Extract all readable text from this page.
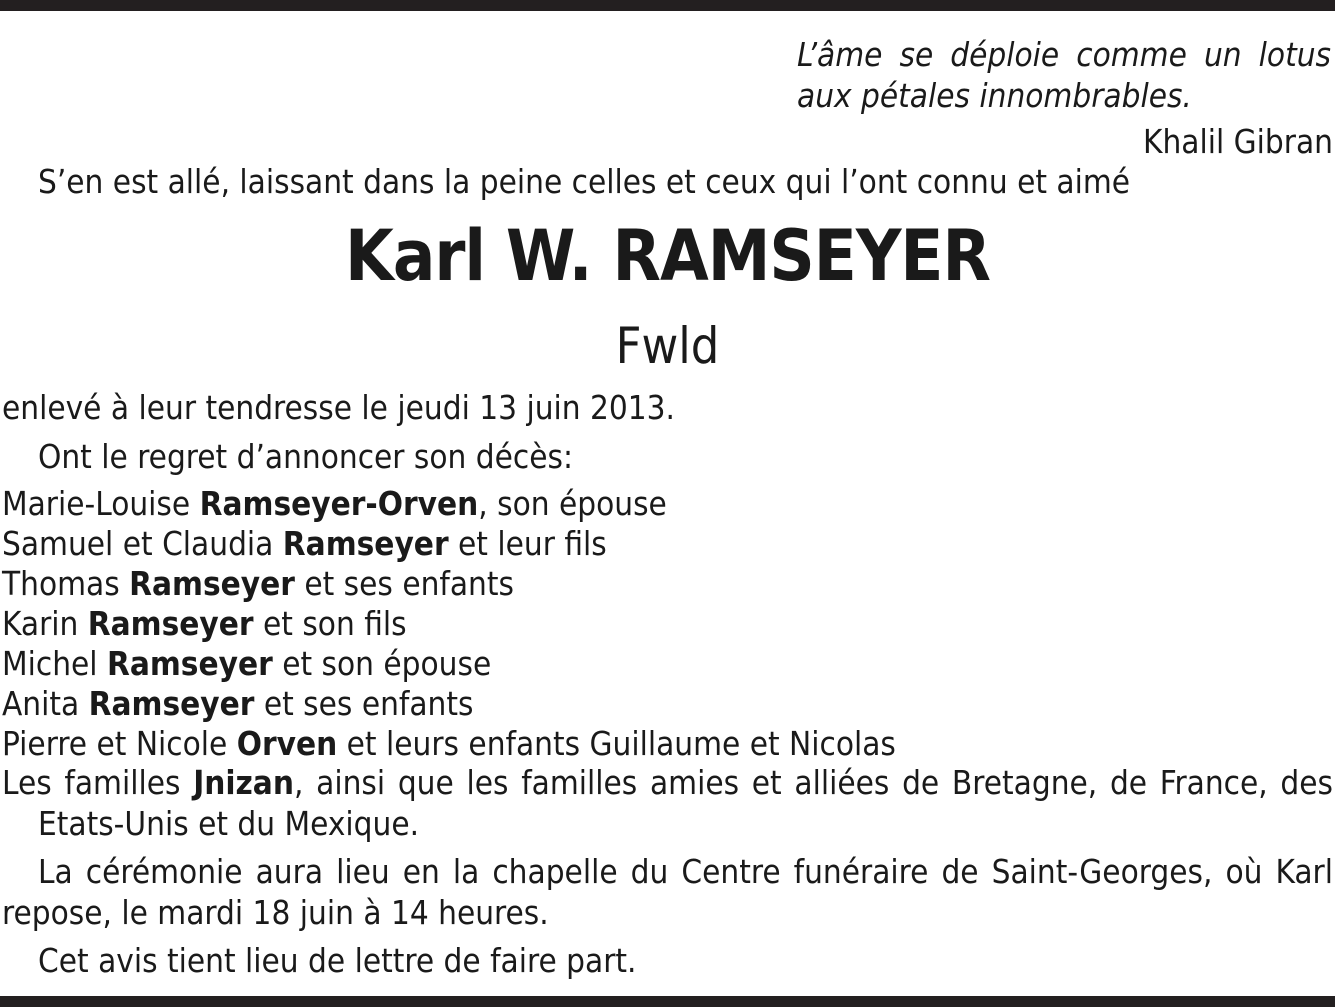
L’âme se déploie comme un lotus
aux pétales innombrables.
Khalil Gibran
S’en est allé, laissant dans la peine celles et ceux qui l’ont connu et aimé
Karl W. RAMSEYER
Fwld
enlevé à leur tendresse le jeudi 13 juin 2013.
Ont le regret d’annoncer son décès:
Marie-Louise Ramseyer-Orven, son épouse
Samuel et Claudia Ramseyer et leur fils
Thomas Ramseyer et ses enfants
Karin Ramseyer et son fils
Michel Ramseyer et son épouse
Anita Ramseyer et ses enfants
Pierre et Nicole Orven et leurs enfants Guillaume et Nicolas
Les familles Jnizan, ainsi que les familles amies et alliées de Bretagne, de France, des
Etats-Unis et du Mexique.
La cérémonie aura lieu en la chapelle du Centre funéraire de Saint-Georges, où Karl
repose, le mardi 18 juin à 14 heures.
Cet avis tient lieu de lettre de faire part.
